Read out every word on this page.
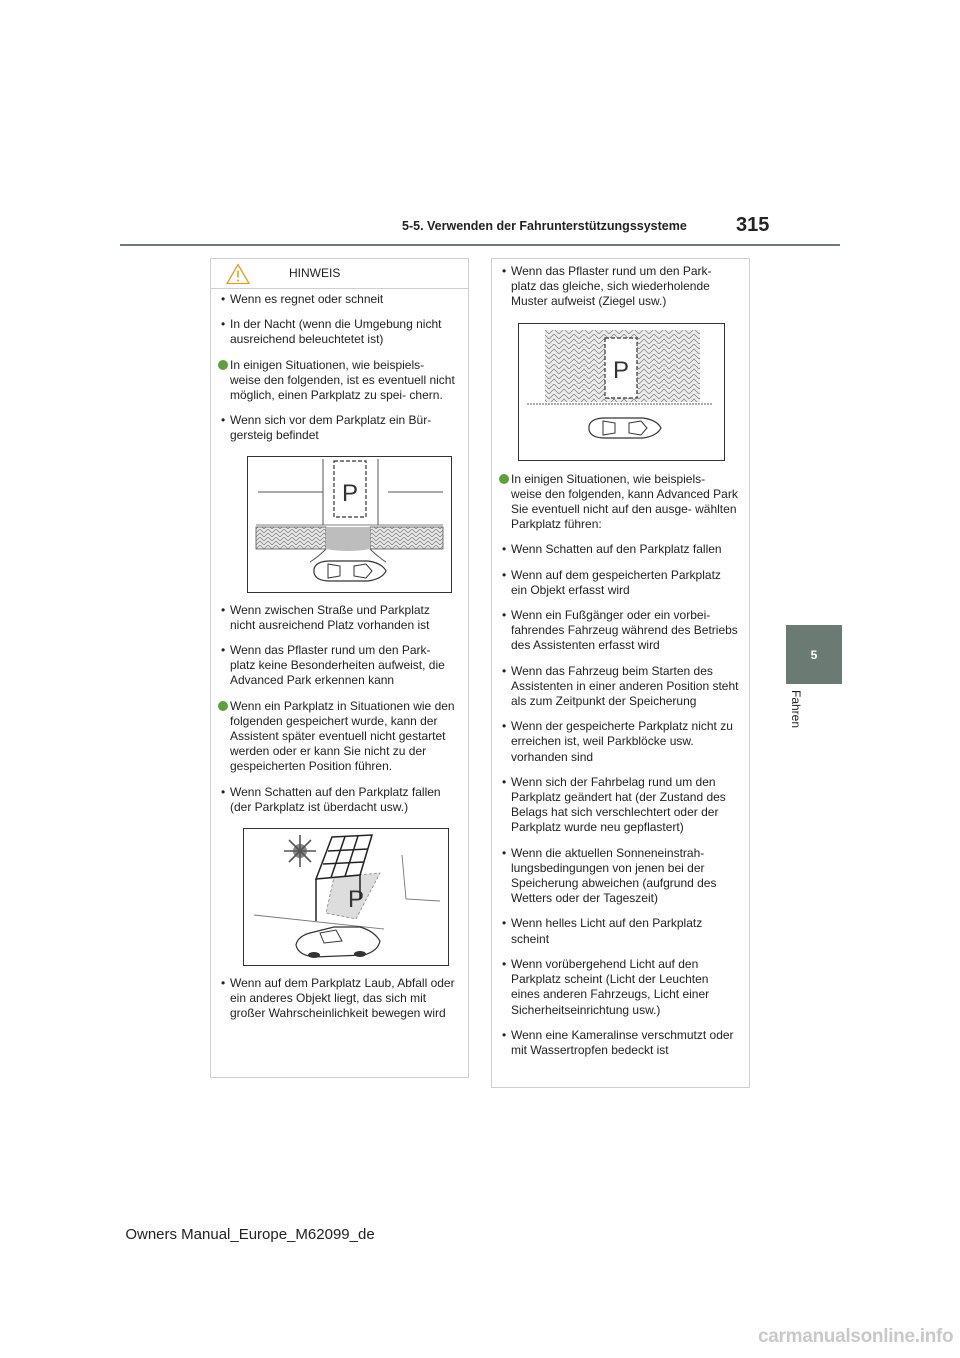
5-5. Verwenden der Fahrunterstützungssysteme 315
5
Fahren
HINWEIS
• Wenn es regnet oder schneit
• In der Nacht (wenn die Umgebung nicht ausreichend beleuchtetet ist)
In einigen Situationen, wie beispiels- weise den folgenden, ist es eventuell nicht möglich, einen Parkplatz zu spei- chern.
• Wenn sich vor dem Parkplatz ein Bür- gersteig befindet
P
• Wenn zwischen Straße und Parkplatz nicht ausreichend Platz vorhanden ist
• Wenn das Pflaster rund um den Park- platz keine Besonderheiten aufweist, die Advanced Park erkennen kann
Wenn ein Parkplatz in Situationen wie den folgenden gespeichert wurde, kann der Assistent später eventuell nicht gestartet werden oder er kann Sie nicht zu der gespeicherten Position führen.
• Wenn Schatten auf den Parkplatz fallen (der Parkplatz ist überdacht usw.)
P
• Wenn auf dem Parkplatz Laub, Abfall oder ein anderes Objekt liegt, das sich mit großer Wahrscheinlichkeit bewegen wird
• Wenn das Pflaster rund um den Park- platz das gleiche, sich wiederholende Muster aufweist (Ziegel usw.)
P
In einigen Situationen, wie beispiels- weise den folgenden, kann Advanced Park Sie eventuell nicht auf den ausge- wählten Parkplatz führen:
• Wenn Schatten auf den Parkplatz fallen
• Wenn auf dem gespeicherten Parkplatz ein Objekt erfasst wird
• Wenn ein Fußgänger oder ein vorbei- fahrendes Fahrzeug während des Betriebs des Assistenten erfasst wird
• Wenn das Fahrzeug beim Starten des Assistenten in einer anderen Position steht als zum Zeitpunkt der Speicherung
• Wenn der gespeicherte Parkplatz nicht zu erreichen ist, weil Parkblöcke usw. vorhanden sind
• Wenn sich der Fahrbelag rund um den Parkplatz geändert hat (der Zustand des Belags hat sich verschlechtert oder der Parkplatz wurde neu gepflastert)
• Wenn die aktuellen Sonneneinstrah- lungsbedingungen von jenen bei der Speicherung abweichen (aufgrund des Wetters oder der Tageszeit)
• Wenn helles Licht auf den Parkplatz scheint
• Wenn vorübergehend Licht auf den Parkplatz scheint (Licht der Leuchten eines anderen Fahrzeugs, Licht einer Sicherheitseinrichtung usw.)
• Wenn eine Kameralinse verschmutzt oder mit Wassertropfen bedeckt ist
Owners Manual_Europe_M62099_de
carmanualsonline.info
